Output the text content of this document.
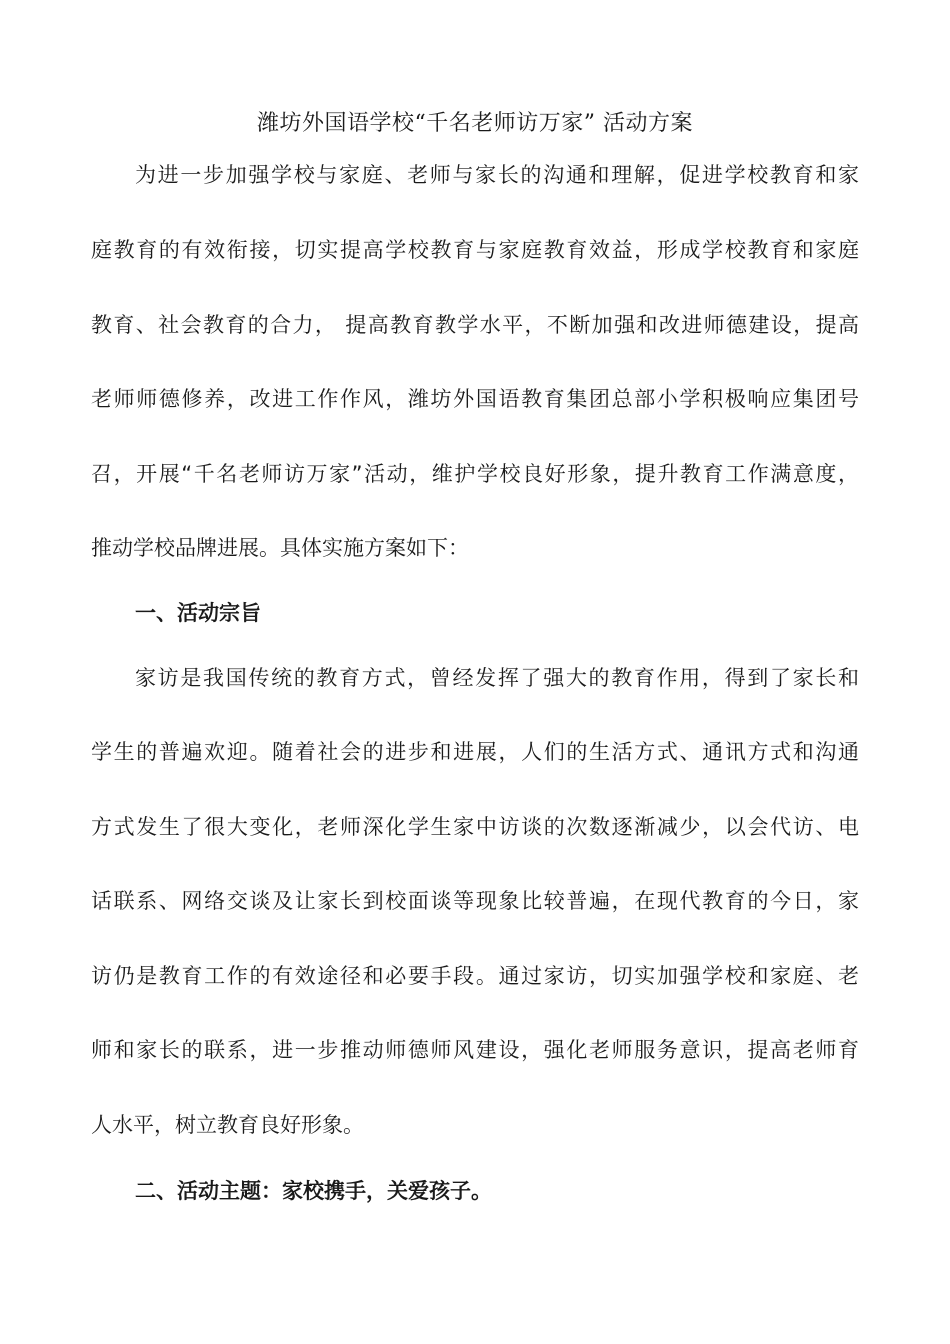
潍坊外国语学校“千名老师访万家” 活动方案
为进一步加强学校与家庭、老师与家长的沟通和理解，促进学校教育和家
庭教育的有效衔接，切实提高学校教育与家庭教育效益，形成学校教育和家庭
教育、社会教育的合力， 提高教育教学水平，不断加强和改进师德建设，提高
老师师德修养，改进工作作风，潍坊外国语教育集团总部小学积极响应集团号
召，开展“千名老师访万家”活动，维护学校良好形象，提升教育工作满意度，
推动学校品牌进展。具体实施方案如下：
一、活动宗旨
家访是我国传统的教育方式，曾经发挥了强大的教育作用，得到了家长和
学生的普遍欢迎。随着社会的进步和进展，人们的生活方式、通讯方式和沟通
方式发生了很大变化，老师深化学生家中访谈的次数逐渐减少，以会代访、电
话联系、网络交谈及让家长到校面谈等现象比较普遍，在现代教育的今日，家
访仍是教育工作的有效途径和必要手段。通过家访，切实加强学校和家庭、老
师和家长的联系，进一步推动师德师风建设，强化老师服务意识，提高老师育
人水平，树立教育良好形象。
二、活动主题：家校携手，关爱孩子。
